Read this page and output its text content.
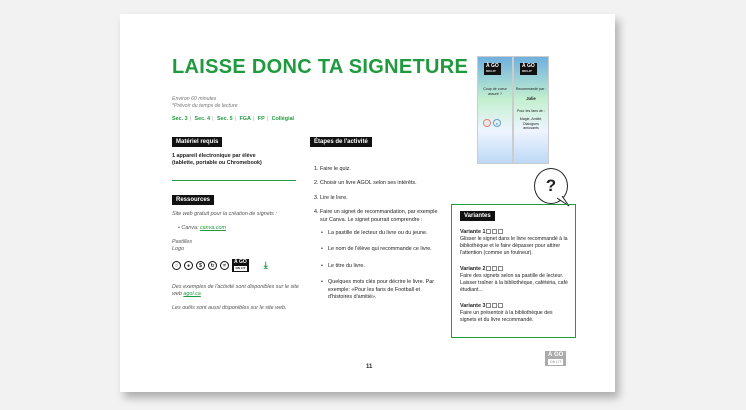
LAISSE DONC TA SIGNETURE
Environ 60 minutes
*Prévoir du temps de lecture
Sec. 3 | Sec. 4 | Sec. 5 | FGA | FP | Collégial
Matériel requis
1 appareil électronique par élève
(tablette, portable ou Chromebook)
Ressources
Site web gratuit pour la création de signets :
• Canva: canva.com
Pastilles
Logo
○	●	$	↻	=
À GO
ON LIT ⤓
Des exemples de l'activité sont disponibles sur le site web agol.ca
Les outils sont aussi disponibles sur le site web.
Étapes de l'activité
1. Faire le quiz.
2. Choisir un livre AGOL selon ses intérêts.
3. Lire le livre.
4. Faire un signet de recommandation, par exemple sur Canva. Le signet pourrait comprendre :
• La pastille de lecteur du livre ou du jeune.
• Le nom de l'élève qui recommande ce livre.
• Le titre du livre.
• Quelques mots clés pour décrire le livre. Par exemple: «Pour les fans de Football et d'histoires d'amitié».
À GO
ON LIT
Coup de coeur assuré ?
♡	●
À GO
ON LIT
Recommandé par :
Julie
Pour les fans de :
Magie, Amitié, Dialogues amusants
?
Variantes
Variante 1
Glisser le signet dans le livre recommandé à la bibliothèque et le faire dépasser pour attirer l'attention (comme un fouineur).
Variante 2
Faire des signets selon sa pastille de lecteur. Laisser traîner à la bibliothèque, cafétéria, café étudiant...
Variante 3
Faire un présentoir à la bibliothèque des signets et du livre recommandé.
À GO
ON LIT
11
